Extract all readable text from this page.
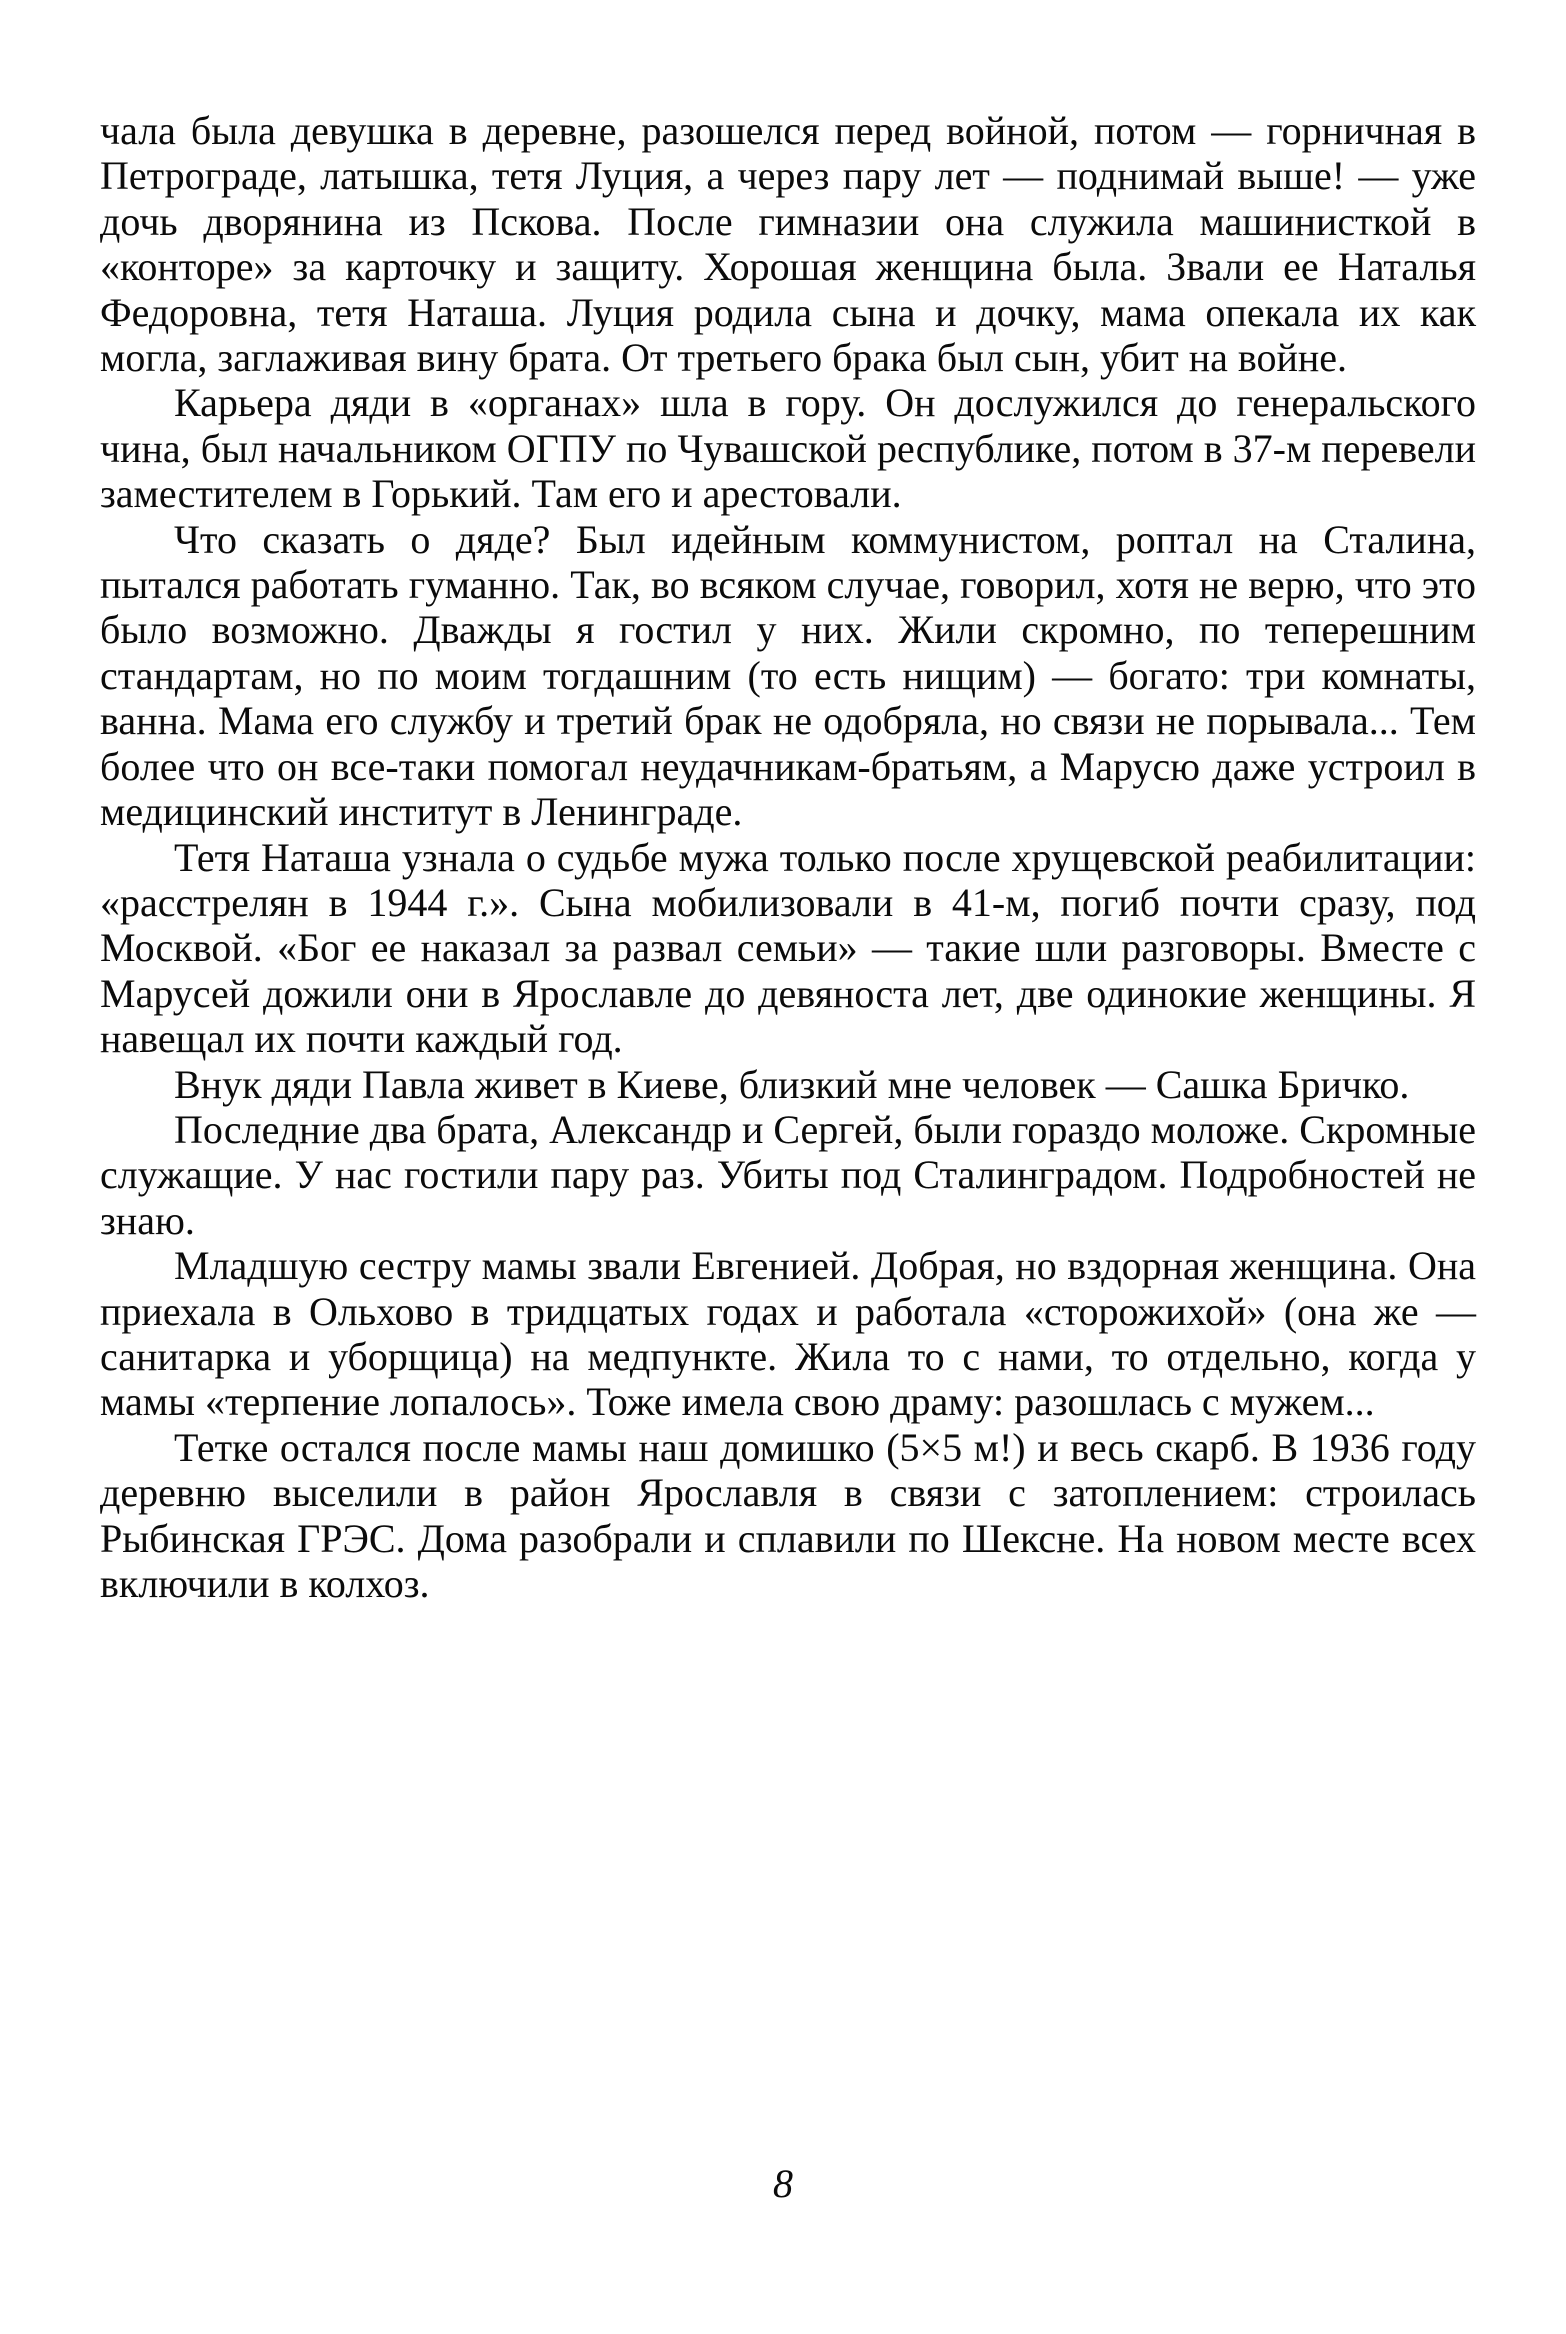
чала была девушка в деревне, разошелся перед войной, потом — горничная в Петрограде, латышка, тетя Луция, а через пару лет — поднимай выше! — уже дочь дворянина из Пскова. После гимназии она служила машинисткой в «конторе» за карточку и защиту. Хорошая женщина была. Звали ее Наталья Федоровна, тетя Наташа. Луция родила сына и дочку, мама опекала их как могла, заглаживая вину брата. От третьего брака был сын, убит на войне.

Карьера дяди в «органах» шла в гору. Он дослужился до генеральского чина, был начальником ОГПУ по Чувашской республике, потом в 37-м перевели заместителем в Горький. Там его и арестовали.

Что сказать о дяде? Был идейным коммунистом, роптал на Сталина, пытался работать гуманно. Так, во всяком случае, говорил, хотя не верю, что это было возможно. Дважды я гостил у них. Жили скромно, по теперешним стандартам, но по моим тогдашним (то есть нищим) — богато: три комнаты, ванна. Мама его службу и третий брак не одобряла, но связи не порывала... Тем более что он все-таки помогал неудачникам-братьям, а Марусю даже устроил в медицинский институт в Ленинграде.

Тетя Наташа узнала о судьбе мужа только после хрущевской реабилитации: «расстрелян в 1944 г.». Сына мобилизовали в 41-м, погиб почти сразу, под Москвой. «Бог ее наказал за развал семьи» — такие шли разговоры. Вместе с Марусей дожили они в Ярославле до девяноста лет, две одинокие женщины. Я навещал их почти каждый год.

Внук дяди Павла живет в Киеве, близкий мне человек — Сашка Бричко.

Последние два брата, Александр и Сергей, были гораздо моложе. Скромные служащие. У нас гостили пару раз. Убиты под Сталинградом. Подробностей не знаю.

Младшую сестру мамы звали Евгенией. Добрая, но вздорная женщина. Она приехала в Ольхово в тридцатых годах и работала «сторожихой» (она же — санитарка и уборщица) на медпункте. Жила то с нами, то отдельно, когда у мамы «терпение лопалось». Тоже имела свою драму: разошлась с мужем...

Тетке остался после мамы наш домишко (5×5 м!) и весь скарб. В 1936 году деревню выселили в район Ярославля в связи с затоплением: строилась Рыбинская ГРЭС. Дома разобрали и сплавили по Шексне. На новом месте всех включили в колхоз.

8
